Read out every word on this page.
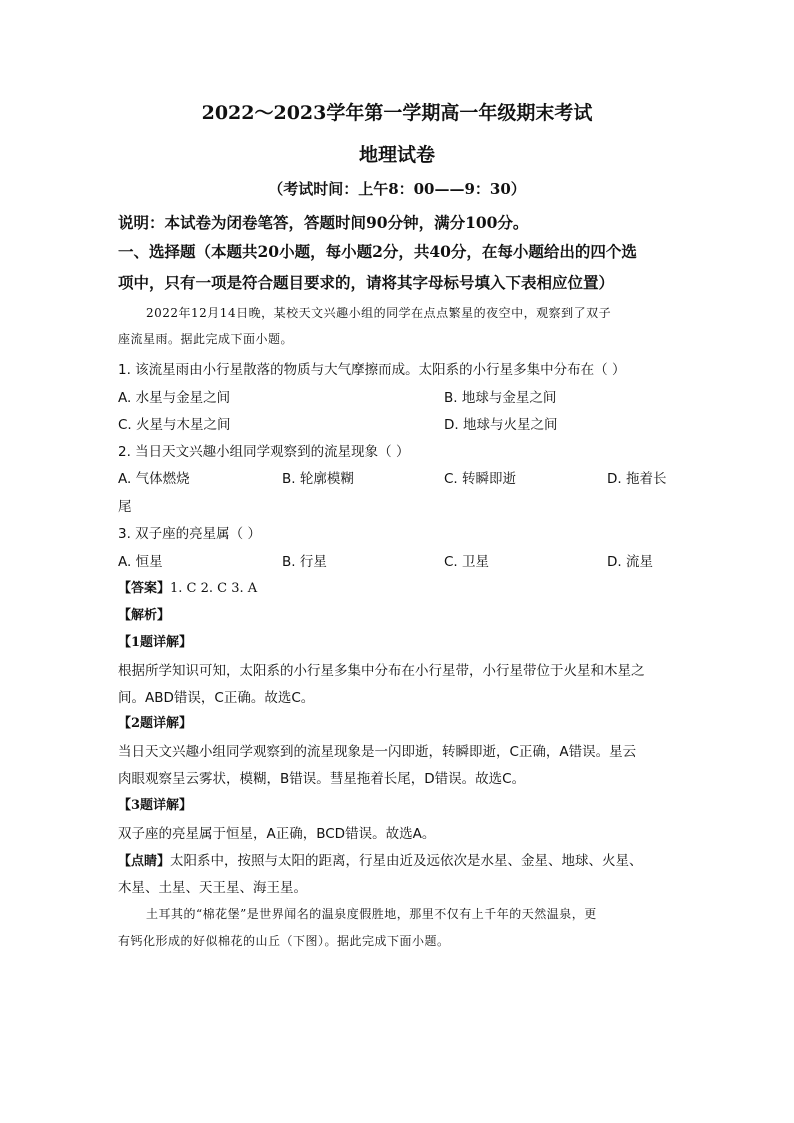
2022～2023学年第一学期高一年级期末考试
地理试卷
（考试时间：上午8：00——9：30）
说明：本试卷为闭卷笔答，答题时间90分钟，满分100分。
一、选择题（本题共20小题，每小题2分，共40分，在每小题给出的四个选
项中，只有一项是符合题目要求的，请将其字母标号填入下表相应位置）
2022年12月14日晚，某校天文兴趣小组的同学在点点繁星的夜空中，观察到了双子
座流星雨。据此完成下面小题。
1. 该流星雨由小行星散落的物质与大气摩擦而成。太阳系的小行星多集中分布在（ ）
A. 水星与金星之间	B. 地球与金星之间
C. 火星与木星之间	D. 地球与火星之间
2. 当日天文兴趣小组同学观察到的流星现象（ ）
A. 气体燃烧	B. 轮廓模糊	C. 转瞬即逝	D. 拖着长
尾
3. 双子座的亮星属（ ）
A. 恒星	B. 行星	C. 卫星	D. 流星
【答案】1. C 2. C 3. A
【解析】
【1题详解】
根据所学知识可知，太阳系的小行星多集中分布在小行星带，小行星带位于火星和木星之
间。ABD错误，C正确。故选C。
【2题详解】
当日天文兴趣小组同学观察到的流星现象是一闪即逝，转瞬即逝，C正确，A错误。星云
肉眼观察呈云雾状，模糊，B错误。彗星拖着长尾，D错误。故选C。
【3题详解】
双子座的亮星属于恒星，A正确，BCD错误。故选A。
【点睛】太阳系中，按照与太阳的距离，行星由近及远依次是水星、金星、地球、火星、
木星、土星、天王星、海王星。
土耳其的“棉花堡”是世界闻名的温泉度假胜地，那里不仅有上千年的天然温泉，更
有钙化形成的好似棉花的山丘（下图）。据此完成下面小题。
